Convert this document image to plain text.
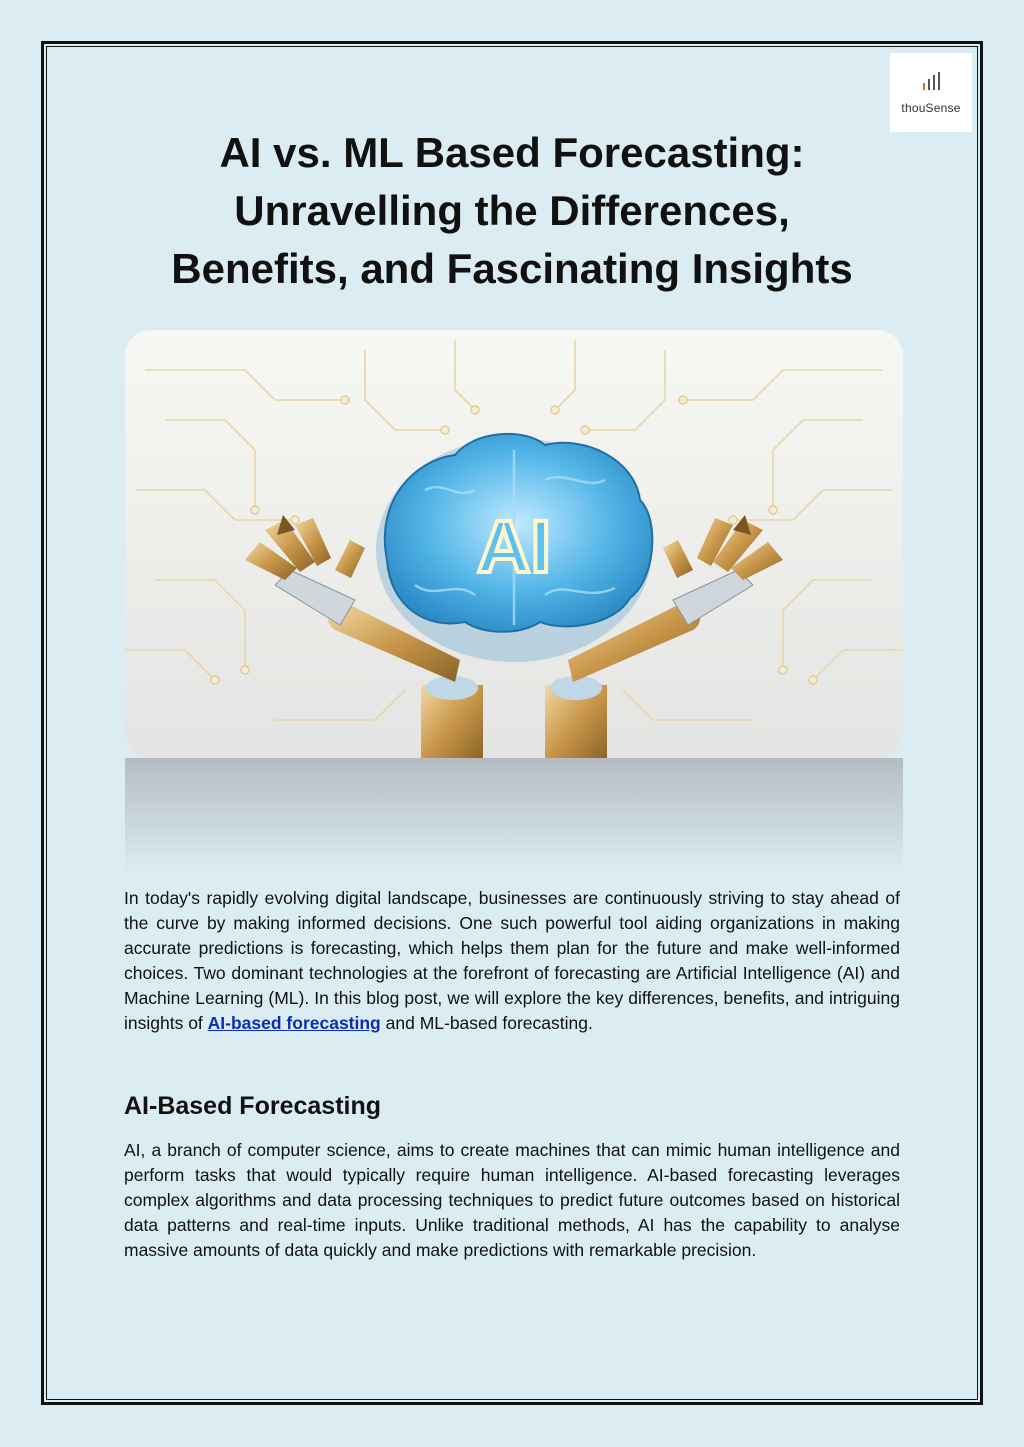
thouSense
AI vs. ML Based Forecasting:
Unravelling the Differences,
Benefits, and Fascinating Insights
AI

In today's rapidly evolving digital landscape, businesses are continuously striving to stay ahead of the curve by making informed decisions. One such powerful tool aiding organizations in making accurate predictions is forecasting, which helps them plan for the future and make well-informed choices. Two dominant technologies at the forefront of forecasting are Artificial Intelligence (AI) and Machine Learning (ML). In this blog post, we will explore the key differences, benefits, and intriguing insights of AI-based forecasting and ML-based forecasting.

AI-Based Forecasting

AI, a branch of computer science, aims to create machines that can mimic human intelligence and perform tasks that would typically require human intelligence. AI-based forecasting leverages complex algorithms and data processing techniques to predict future outcomes based on historical data patterns and real-time inputs. Unlike traditional methods, AI has the capability to analyse massive amounts of data quickly and make predictions with remarkable precision.
